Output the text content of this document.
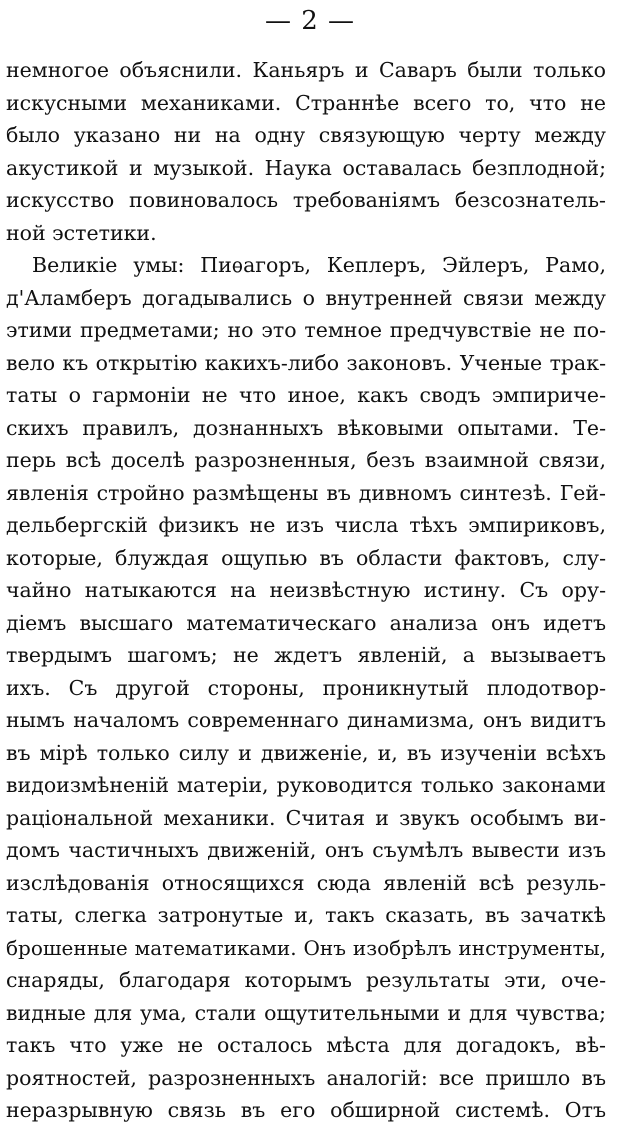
— 2 —
немногое объяснили. Каньяръ и Саваръ были только
искусными механиками. Страннѣе всего то, что не
было указано ни на одну связующую черту между
акустикой и музыкой. Наука оставалась безплодной;
искусство повиновалось требованіямъ безсознатель-
ной эстетики.
Великіе умы: Пиѳагоръ, Кеплеръ, Эйлеръ, Рамо,
д'Аламберъ догадывались о внутренней связи между
этими предметами; но это темное предчувствіе не по-
вело къ открытію какихъ-либо законовъ. Ученые трак-
таты о гармоніи не что иное, какъ сводъ эмпириче-
скихъ правилъ, дознанныхъ вѣковыми опытами. Те-
перь всѣ доселѣ разрозненныя, безъ взаимной связи,
явленія стройно размѣщены въ дивномъ синтезѣ. Гей-
дельбергскій физикъ не изъ числа тѣхъ эмпириковъ,
которые, блуждая ощупью въ области фактовъ, слу-
чайно натыкаются на неизвѣстную истину. Съ ору-
діемъ высшаго математическаго анализа онъ идетъ
твердымъ шагомъ; не ждетъ явленій, а вызываетъ
ихъ. Съ другой стороны, проникнутый плодотвор-
нымъ началомъ современнаго динамизма, онъ видитъ
въ мірѣ только силу и движеніе, и, въ изученіи всѣхъ
видоизмѣненій матеріи, руководится только законами
раціональной механики. Считая и звукъ особымъ ви-
домъ частичныхъ движеній, онъ съумѣлъ вывести изъ
изслѣдованія относящихся сюда явленій всѣ резуль-
таты, слегка затронутые и, такъ сказать, въ зачаткѣ
брошенные математиками. Онъ изобрѣлъ инструменты,
снаряды, благодаря которымъ результаты эти, оче-
видные для ума, стали ощутительными и для чувства;
такъ что уже не осталось мѣста для догадокъ, вѣ-
роятностей, разрозненныхъ аналогій: все пришло въ
неразрывную связь въ его обширной системѣ. Отъ
